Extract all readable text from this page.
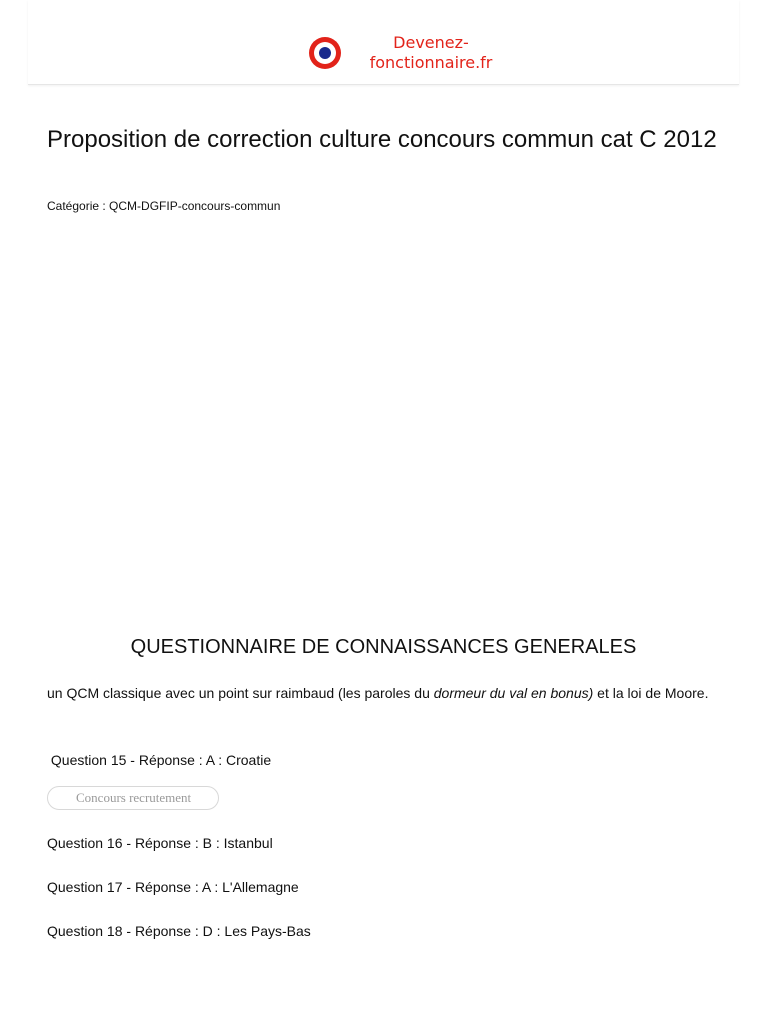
Devenez-
fonctionnaire.fr
Proposition de correction culture concours commun cat C 2012
Catégorie : QCM-DGFIP-concours-commun
QUESTIONNAIRE DE CONNAISSANCES GENERALES

un QCM classique avec un point sur raimbaud (les paroles du dormeur du val en bonus) et la loi de Moore.

Question 15 - Réponse : A : Croatie

Concours recrutement

Question 16 - Réponse : B : Istanbul

Question 17 - Réponse : A : L'Allemagne

Question 18 - Réponse : D : Les Pays-Bas
